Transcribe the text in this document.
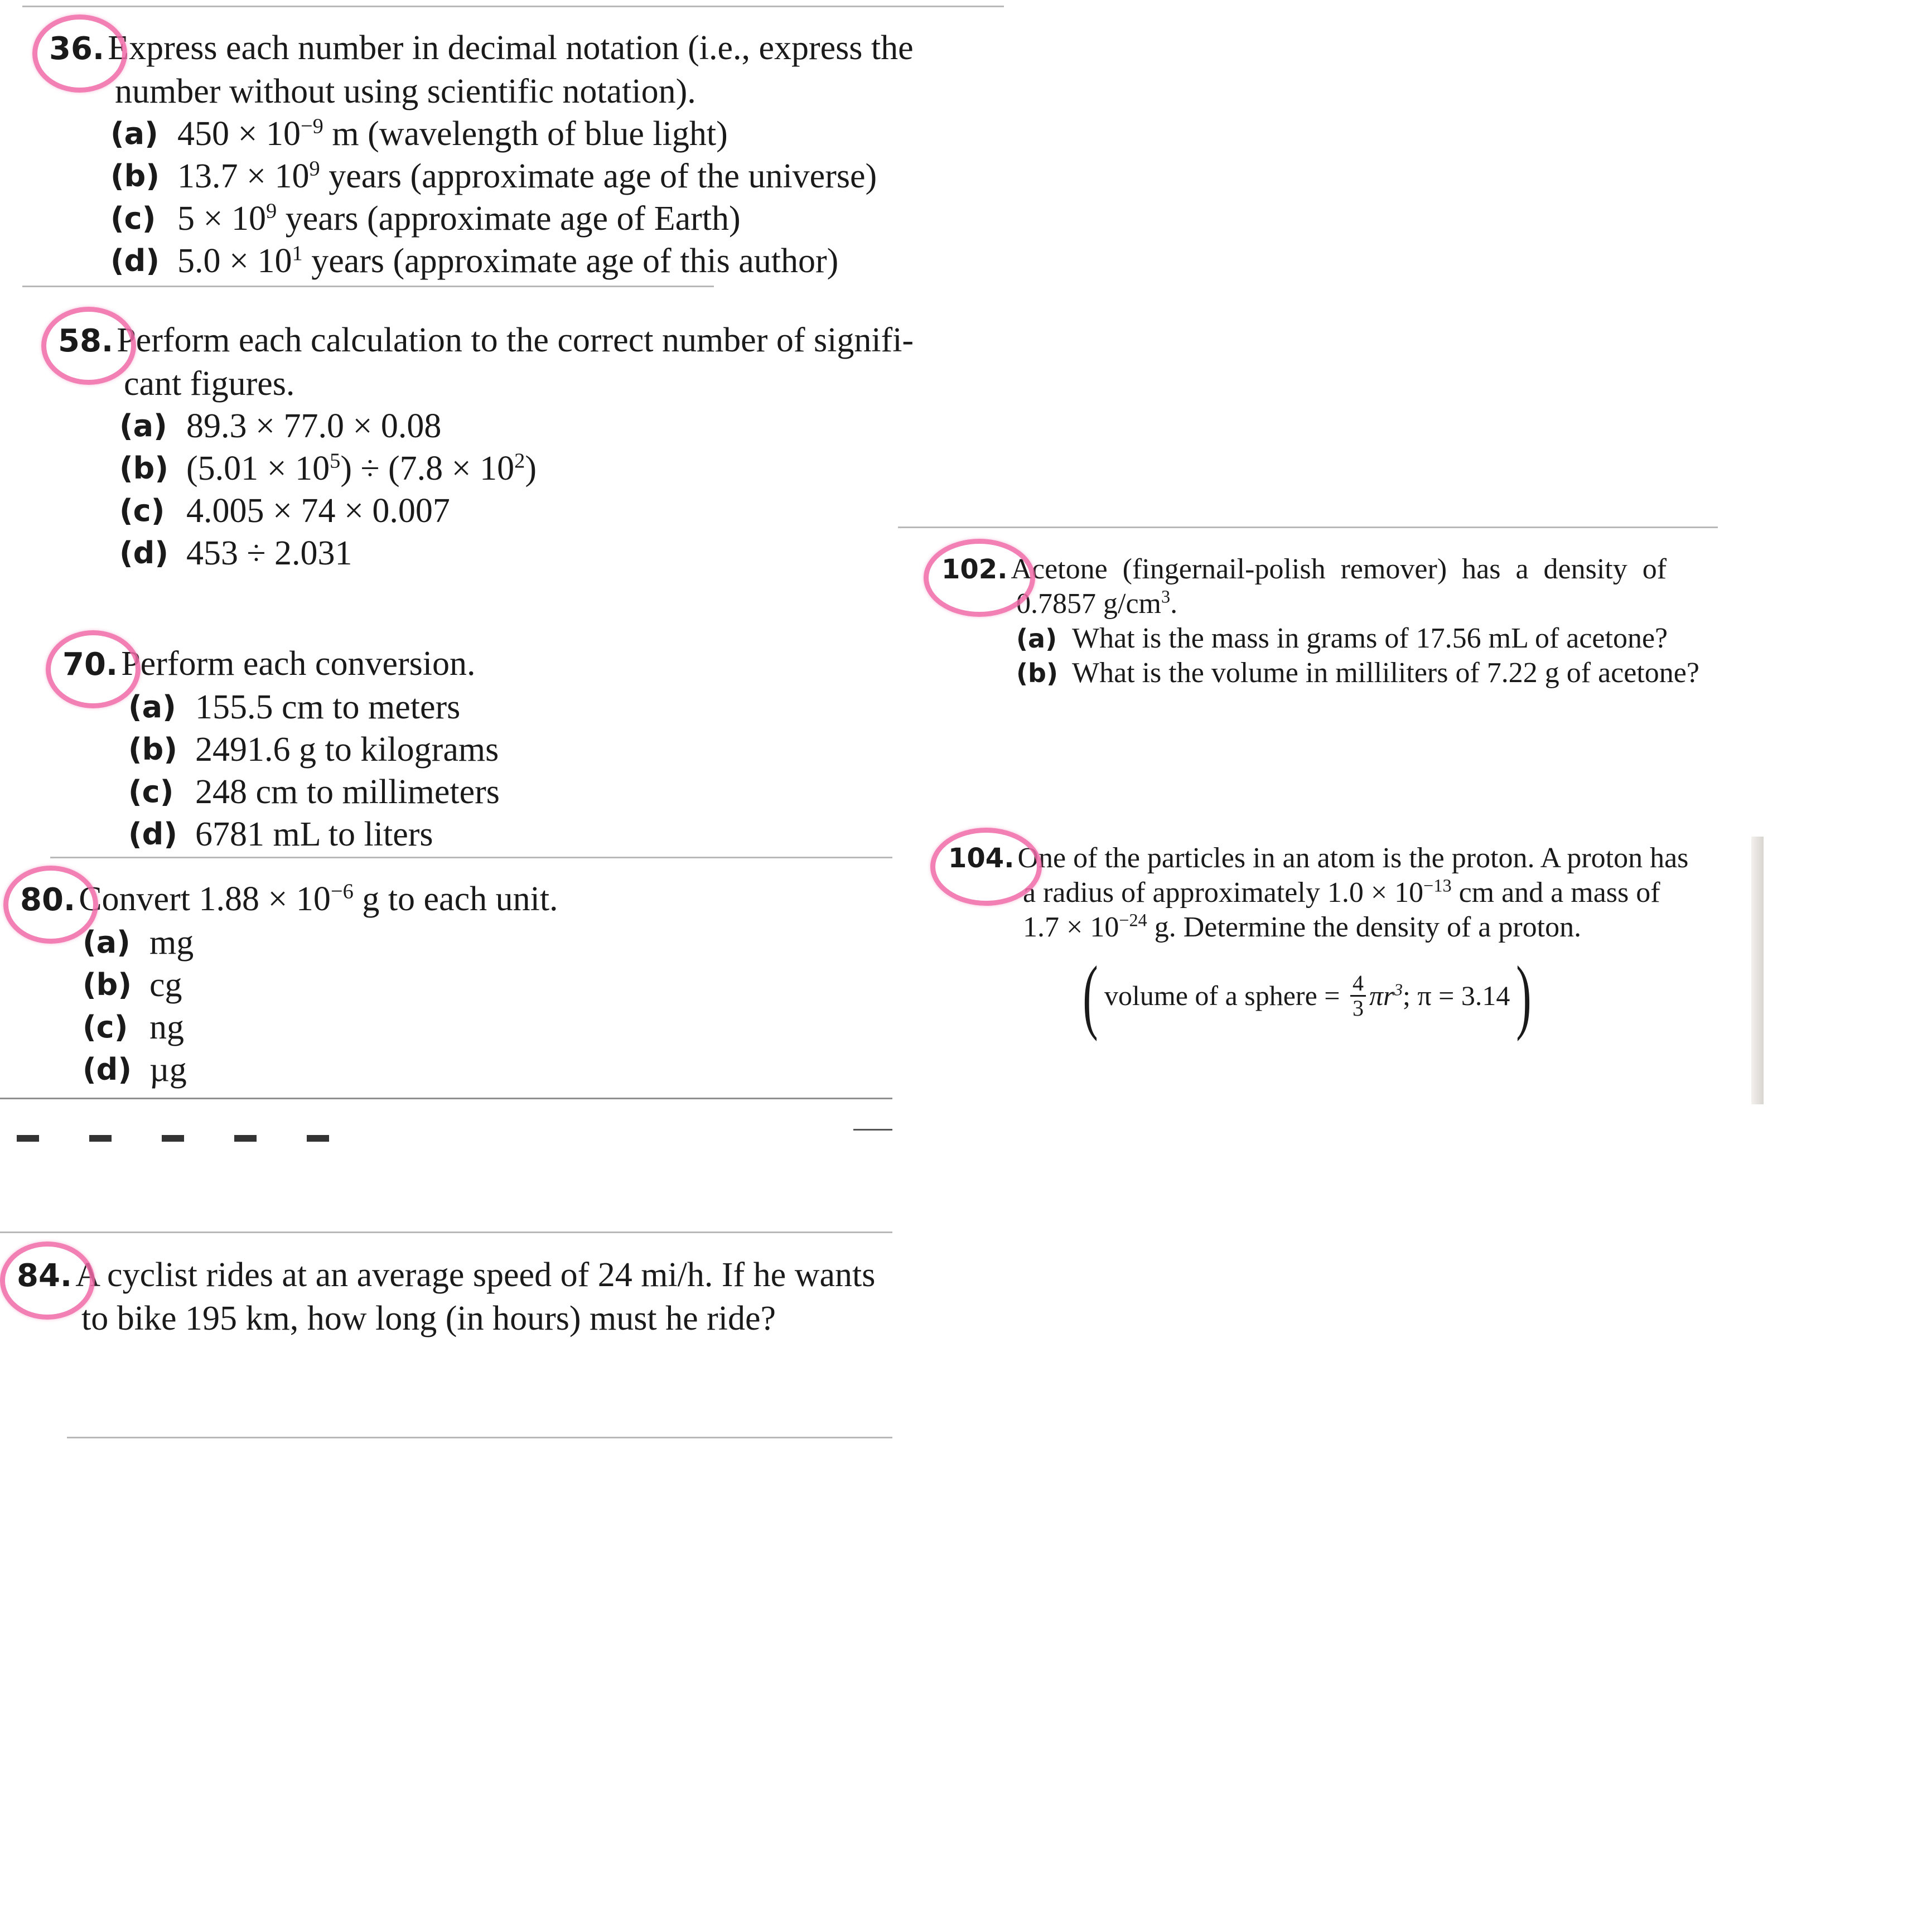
36.Express each number in decimal notation (i.e., express the
number without using scientific notation).
(a) $450 \times 10^{-9}$ m (wavelength of blue light)
(b) $13.7 \times 10^9$ years (approximate age of the universe)
(c) $5 \times 10^9$ years (approximate age of Earth)
(d) $5.0 \times 10^1$ years (approximate age of this author)
58.Perform each calculation to the correct number of signifi-
cant figures.
(a) 89.3 × 77.0 × 0.08
(b) $(5.01 \times 10^5) \div (7.8 \times 10^2)$
(c) 4.005 × 74 × 0.007
(d) 453 ÷ 2.031
70.Perform each conversion.
(a) 155.5 cm to meters
(b) 2491.6 g to kilograms
(c) 248 cm to millimeters
(d) 6781 mL to liters
80.Convert $1.88 \times 10^{-6}$ g to each unit.
(a) mg
(b) cg
(c) ng
(d) µg
▬ ▬ ▬ ▬ ▬
84.A cyclist rides at an average speed of 24 mi/h. If he wants
to bike 195 km, how long (in hours) must he ride?
102. Acetone (fingernail-polish remover) has a density of
0.7857 $g/cm^3$.
(a) What is the mass in grams of 17.56 mL of acetone?
(b) What is the volume in milliliters of 7.22 g of acetone?
104. One of the particles in an atom is the proton. A proton has
a radius of approximately $1.0 \times 10^{-13}$ cm and a mass of
$1.7 \times 10^{-24}$ g. Determine the density of a proton.
( volume of a sphere = $\frac{4}{3} \pi r^3$ ; π = 3.14 )
